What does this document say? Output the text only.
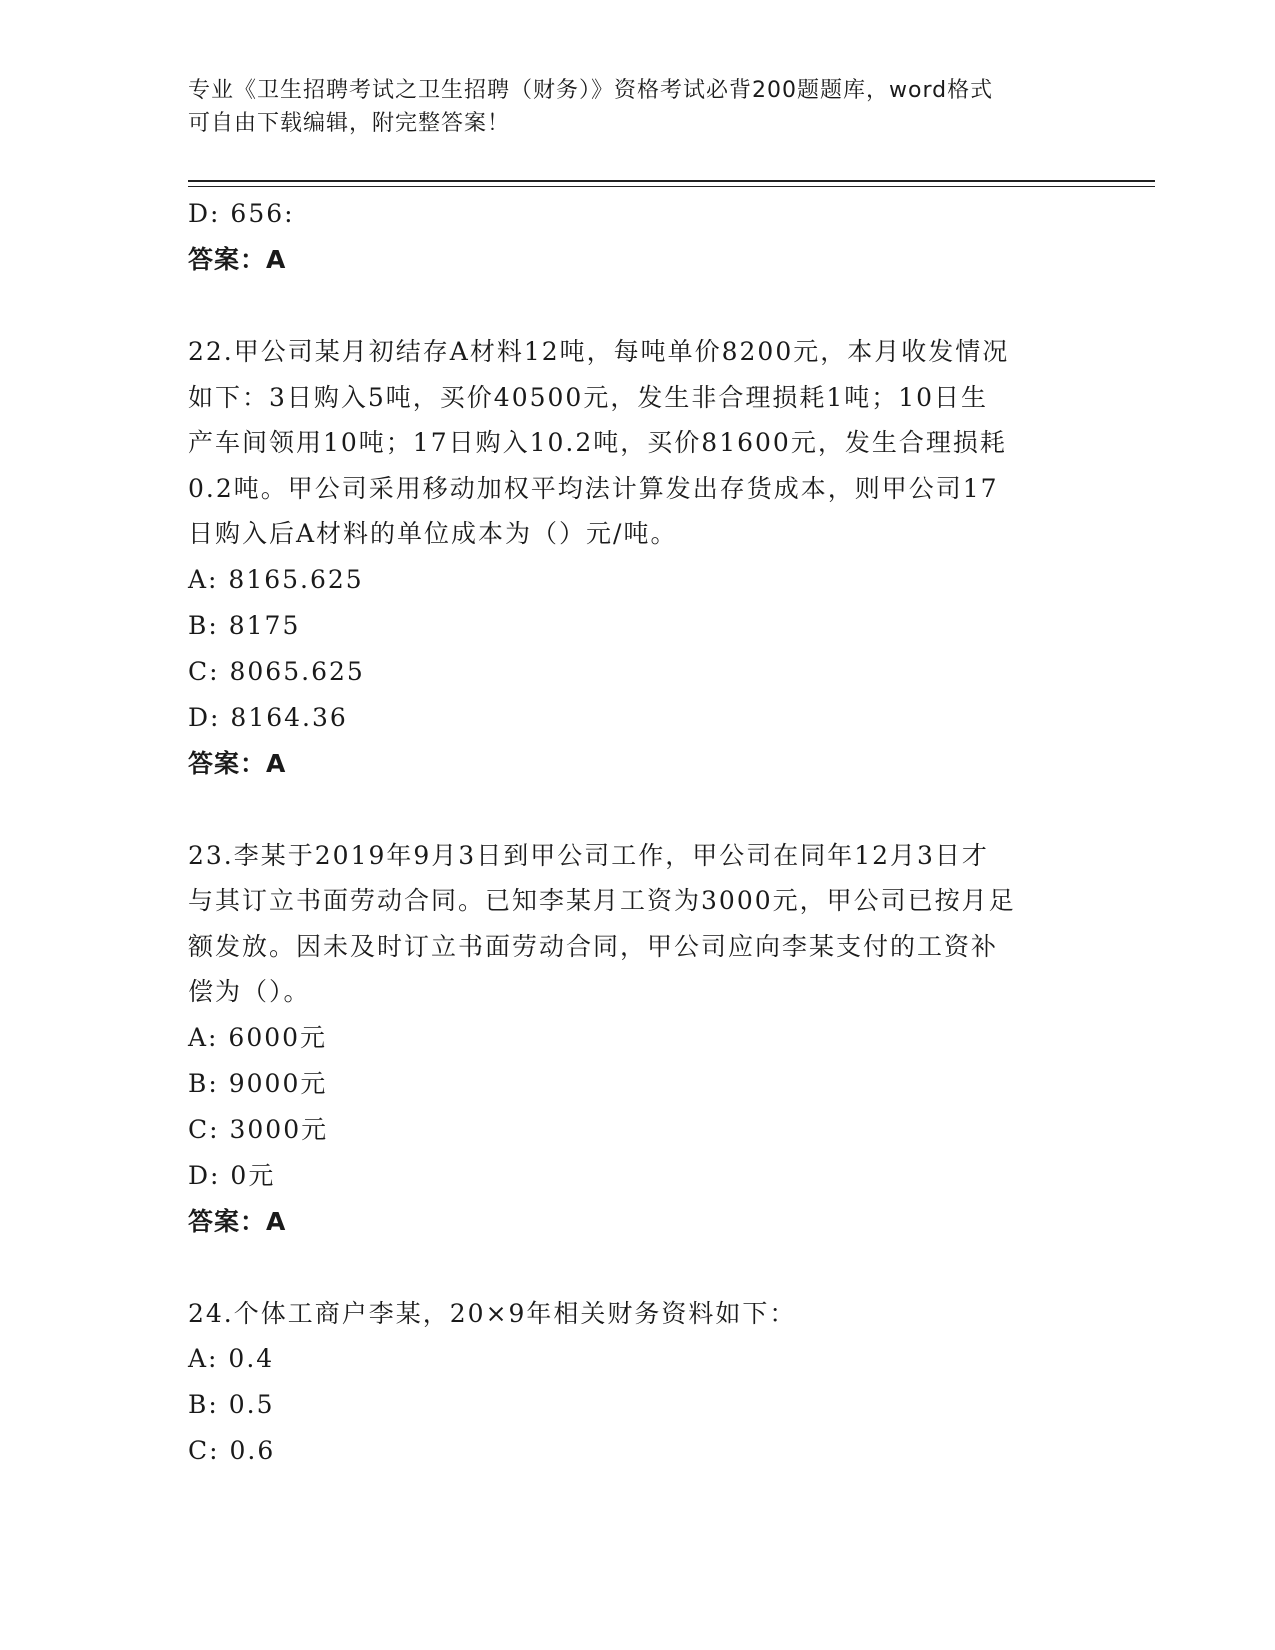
专业《卫生招聘考试之卫生招聘（财务）》资格考试必背200题题库，word格式
可自由下载编辑，附完整答案！
D: 656:
答案：A
22.甲公司某月初结存A材料12吨，每吨单价8200元，本月收发情况
如下：3日购入5吨，买价40500元，发生非合理损耗1吨；10日生
产车间领用10吨；17日购入10.2吨，买价81600元，发生合理损耗
0.2吨。甲公司采用移动加权平均法计算发出存货成本，则甲公司17
日购入后A材料的单位成本为（）元/吨。
A: 8165.625
B: 8175
C: 8065.625
D: 8164.36
答案：A
23.李某于2019年9月3日到甲公司工作，甲公司在同年12月3日才
与其订立书面劳动合同。已知李某月工资为3000元，甲公司已按月足
额发放。因未及时订立书面劳动合同，甲公司应向李某支付的工资补
偿为（）。
A: 6000元
B: 9000元
C: 3000元
D: 0元
答案：A
24.个体工商户李某，20×9年相关财务资料如下：
A: 0.4
B: 0.5
C: 0.6
